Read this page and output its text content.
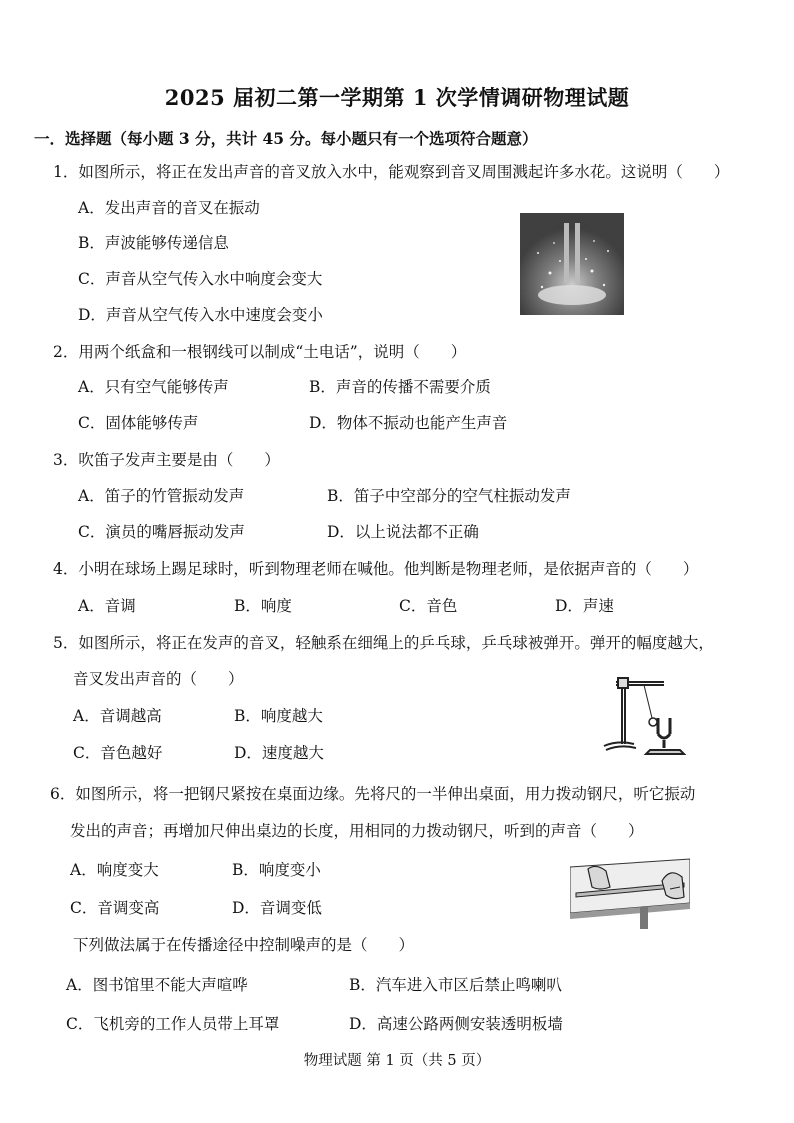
2025 届初二第一学期第 1 次学情调研物理试题
一．选择题（每小题 3 分，共计 45 分。每小题只有一个选项符合题意）
1．如图所示，将正在发出声音的音叉放入水中，能观察到音叉周围溅起许多水花。这说明（　　）
A．发出声音的音叉在振动
B．声波能够传递信息
C．声音从空气传入水中响度会变大
D．声音从空气传入水中速度会变小
2．用两个纸盒和一根钢线可以制成“土电话”，说明（　　）
A．只有空气能够传声	B．声音的传播不需要介质
C．固体能够传声	D．物体不振动也能产生声音
3．吹笛子发声主要是由（　　）
A．笛子的竹管振动发声	B．笛子中空部分的空气柱振动发声
C．演员的嘴唇振动发声	D．以上说法都不正确
4．小明在球场上踢足球时，听到物理老师在喊他。他判断是物理老师，是依据声音的（　　）
A．音调	B．响度	C．音色	D．声速
5．如图所示，将正在发声的音叉，轻触系在细绳上的乒乓球，乒乓球被弹开。弹开的幅度越大，
音叉发出声音的（　　）
A．音调越高	B．响度越大
C．音色越好	D．速度越大
6．如图所示，将一把钢尺紧按在桌面边缘。先将尺的一半伸出桌面，用力拨动钢尺，听它振动
发出的声音；再增加尺伸出桌边的长度，用相同的力拨动钢尺，听到的声音（　　）
A．响度变大	B．响度变小
C．音调变高	D．音调变低
下列做法属于在传播途径中控制噪声的是（　　）
A．图书馆里不能大声喧哗	B．汽车进入市区后禁止鸣喇叭
C．飞机旁的工作人员带上耳罩	D．高速公路两侧安装透明板墙
物理试题 第 1 页（共 5 页）
